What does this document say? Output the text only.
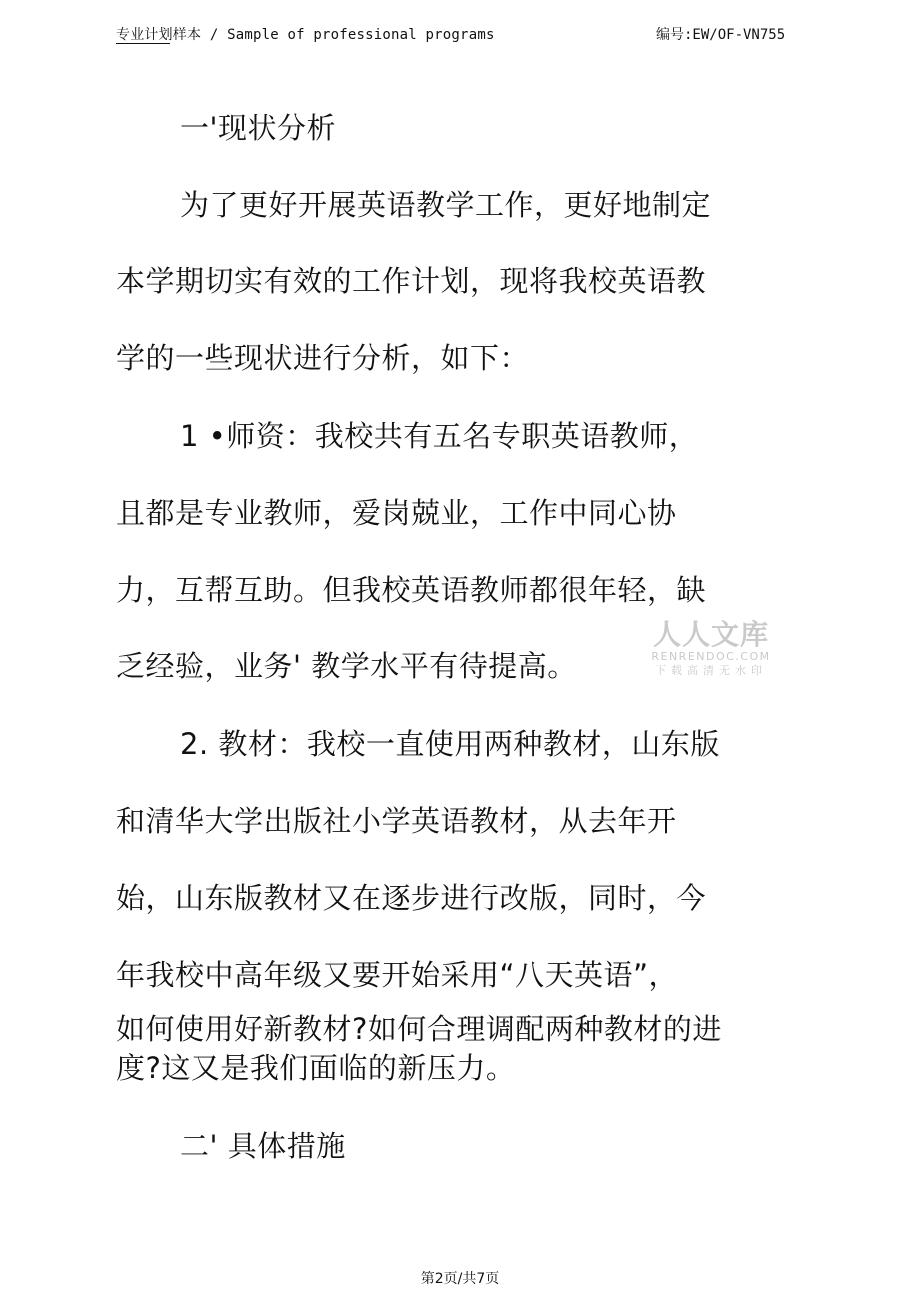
专业计划样本 / Sample of professional programs	编号:EW/OF-VN755
一'现状分析
为了更好开展英语教学工作，更好地制定
本学期切实有效的工作计划，现将我校英语教
学的一些现状进行分析，如下：
1 •师资：我校共有五名专职英语教师，
且都是专业教师，爱岗兢业，工作中同心协
力，互帮互助。但我校英语教师都很年轻，缺
乏经验，业务' 教学水平有待提高。
2. 教材：我校一直使用两种教材，山东版
和清华大学出版社小学英语教材，从去年开
始，山东版教材又在逐步进行改版，同时，今
年我校中高年级又要开始采用“八天英语”，
如何使用好新教材?如何合理调配两种教材的进
度?这又是我们面临的新压力。
二' 具体措施
人人文库
RENRENDOC.COM
下载高清无水印
第2页/共7页
